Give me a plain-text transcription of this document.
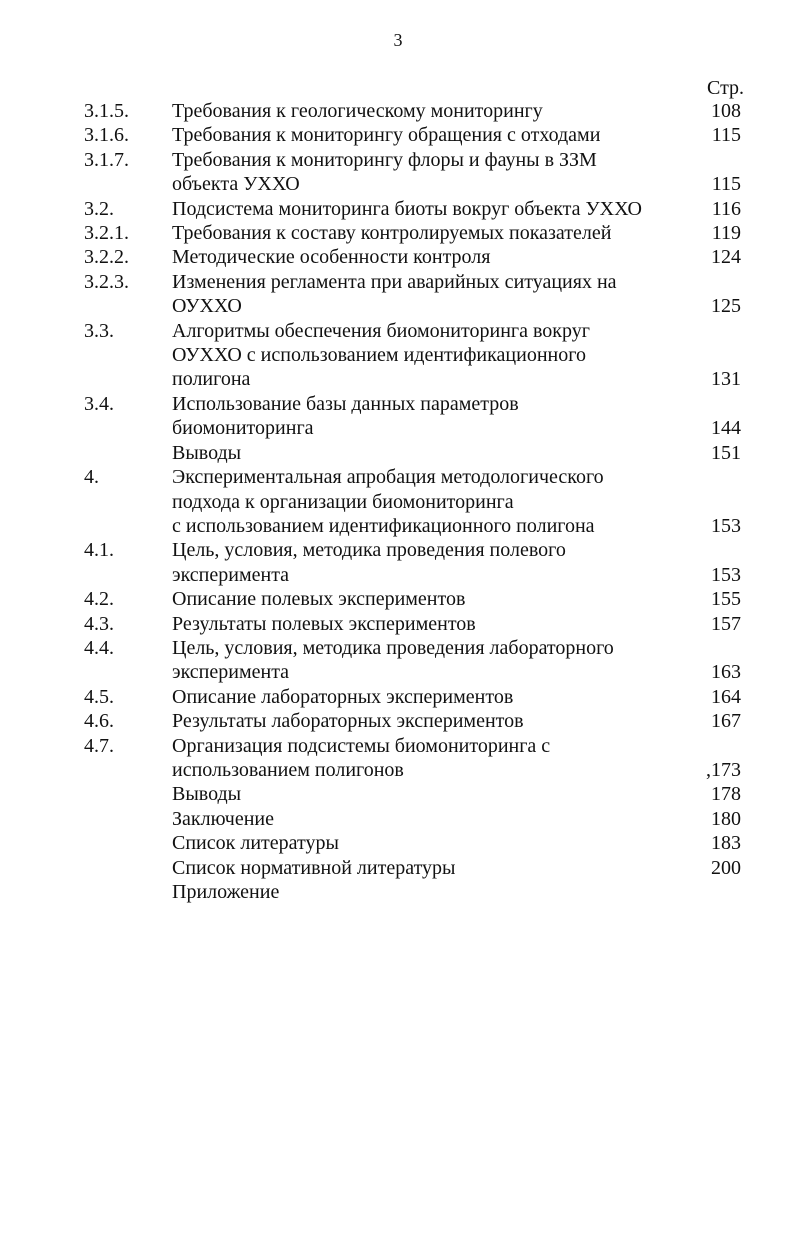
3
Стр.
3.1.5. Требования к геологическому мониторингу	108
3.1.6. Требования к мониторингу обращения с отходами	115
3.1.7. Требования к мониторингу флоры и фауны в ЗЗМ
объекта УХХО	115
3.2.	Подсистема мониторинга биоты вокруг объекта УХХО	116
3.2.1. Требования к составу контролируемых показателей	119
3.2.2. Методические особенности контроля	124
3.2.3. Изменения регламента при аварийных ситуациях на
ОУХХО	125
3.3.	Алгоритмы обеспечения биомониторинга вокруг
ОУХХО с использованием идентификационного
полигона	131
3.4.	Использование базы данных параметров
биомониторинга	144
Выводы	151
4.	Экспериментальная апробация методологического
подхода к организации биомониторинга
с использованием идентификационного полигона	153
4.1.	Цель, условия, методика проведения полевого
эксперимента	153
4.2.	Описание полевых экспериментов	155
4.3.	Результаты полевых экспериментов	157
4.4.	Цель, условия, методика проведения лабораторного
эксперимента	163
4.5.	Описание лабораторных экспериментов	164
4.6.	Результаты лабораторных экспериментов	167
4.7.	Организация подсистемы биомониторинга с
использованием полигонов	,173
Выводы	178
Заключение	180
Список литературы	183
Список нормативной литературы	200
Приложение
